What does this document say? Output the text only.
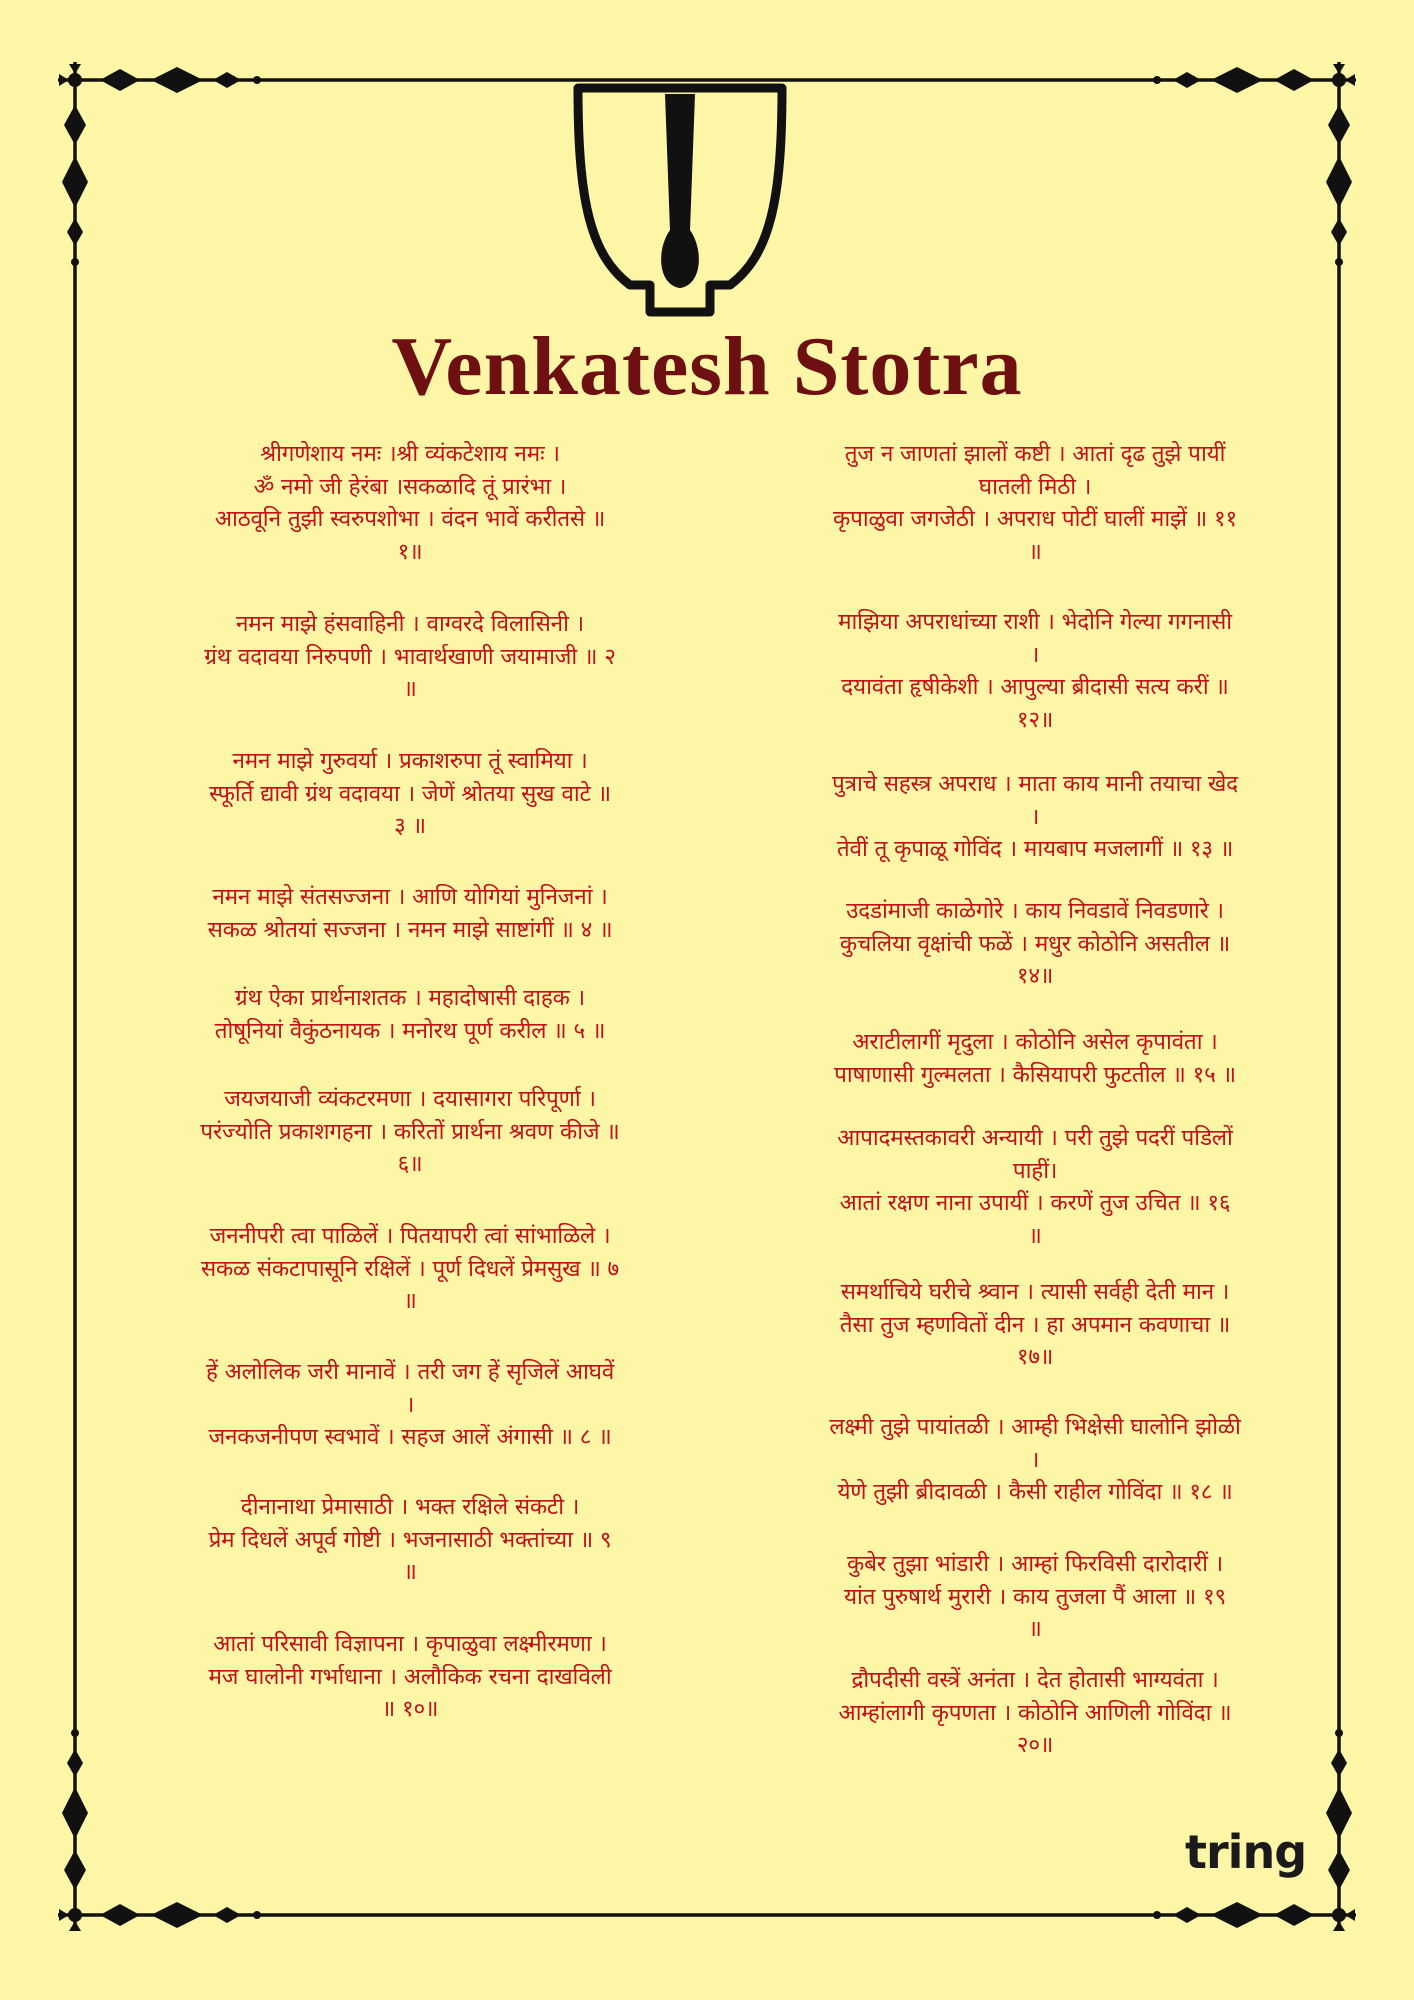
Venkatesh Stotra
श्रीगणेशाय नमः ।श्री व्यंकटेशाय नमः ।
ॐ नमो जी हेरंबा ।सकळादि तूं प्रारंभा ।
आठवूनि तुझी स्वरुपशोभा । वंदन भावें करीतसे ॥
१॥
नमन माझे हंसवाहिनी । वाग्वरदे विलासिनी ।
ग्रंथ वदावया निरुपणी । भावार्थखाणी जयामाजी ॥ २
॥
नमन माझे गुरुवर्या । प्रकाशरुपा तूं स्वामिया ।
स्फूर्ति द्यावी ग्रंथ वदावया । जेणें श्रोतया सुख वाटे ॥
३ ॥
नमन माझे संतसज्जना । आणि योगियां मुनिजनां ।
सकळ श्रोतयां सज्जना । नमन माझे साष्टांगीं ॥ ४ ॥
ग्रंथ ऐका प्रार्थनाशतक । महादोषासी दाहक ।
तोषूनियां वैकुंठनायक । मनोरथ पूर्ण करील ॥ ५ ॥
जयजयाजी व्यंकटरमणा । दयासागरा परिपूर्णा ।
परंज्योति प्रकाशगहना । करितों प्रार्थना श्रवण कीजे ॥
६॥
जननीपरी त्वा पाळिलें । पितयापरी त्वां सांभाळिले ।
सकळ संकटापासूनि रक्षिलें । पूर्ण दिधलें प्रेमसुख ॥ ७
॥
हें अलोलिक जरी मानावें । तरी जग हें सृजिलें आघवें
।
जनकजनीपण स्वभावें । सहज आलें अंगासी ॥ ८ ॥
दीनानाथा प्रेमासाठी । भक्त रक्षिले संकटी ।
प्रेम दिधलें अपूर्व गोष्टी । भजनासाठी भक्तांच्या ॥ ९
॥
आतां परिसावी विज्ञापना । कृपाळुवा लक्ष्मीरमणा ।
मज घालोनी गर्भाधाना । अलौकिक रचना दाखविली
॥ १०॥
तुज न जाणतां झालों कष्टी । आतां दृढ तुझे पायीं
घातली मिठी ।
कृपाळुवा जगजेठी । अपराध पोटीं घालीं माझें ॥ ११
॥
माझिया अपराधांच्या राशी । भेदोनि गेल्या गगनासी
।
दयावंता हृषीकेशी । आपुल्या ब्रीदासी सत्य करीं ॥
१२॥
पुत्राचे सहस्त्र अपराध । माता काय मानी तयाचा खेद
।
तेवीं तू कृपाळू गोविंद । मायबाप मजलागीं ॥ १३ ॥
उदडांमाजी काळेगोरे । काय निवडावें निवडणारे ।
कुचलिया वृक्षांची फळें । मधुर कोठोनि असतील ॥
१४॥
अराटीलागीं मृदुला । कोठोनि असेल कृपावंता ।
पाषाणासी गुल्मलता । कैसियापरी फुटतील ॥ १५ ॥
आपादमस्तकावरी अन्यायी । परी तुझे पदरीं पडिलों
पाहीं।
आतां रक्षण नाना उपायीं । करणें तुज उचित ॥ १६
॥
समर्थाचिये घरीचे श्र्वान । त्यासी सर्वही देती मान ।
तैसा तुज म्हणवितों दीन । हा अपमान कवणाचा ॥
१७॥
लक्ष्मी तुझे पायांतळी । आम्ही भिक्षेसी घालोनि झोळी
।
येणे तुझी ब्रीदावळी । कैसी राहील गोविंदा ॥ १८ ॥
कुबेर तुझा भांडारी । आम्हां फिरविसी दारोदारीं ।
यांत पुरुषार्थ मुरारी । काय तुजला पैं आला ॥ १९
॥
द्रौपदीसी वस्त्रें अनंता । देत होतासी भाग्यवंता ।
आम्हांलागी कृपणता । कोठोनि आणिली गोविंदा ॥
२०॥
tring
